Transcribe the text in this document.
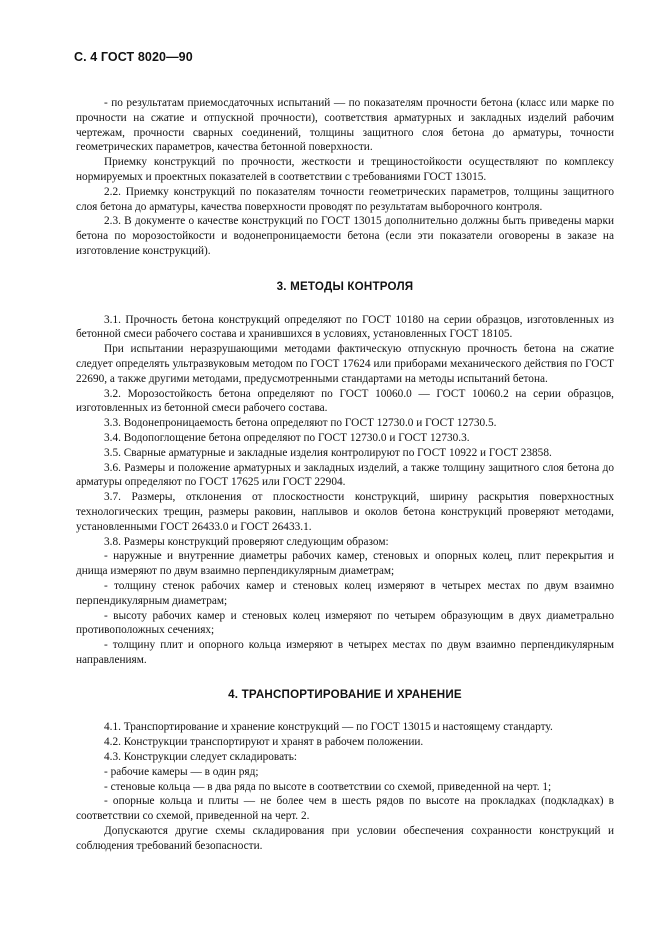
С. 4 ГОСТ 8020—90

- по результатам приемосдаточных испытаний — по показателям прочности бетона (класс или марке по прочности на сжатие и отпускной прочности), соответствия арматурных и закладных изделий рабочим чертежам, прочности сварных соединений, толщины защитного слоя бетона до арматуры, точности геометрических параметров, качества бетонной поверхности.

Приемку конструкций по прочности, жесткости и трещиностойкости осуществляют по комплексу нормируемых и проектных показателей в соответствии с требованиями ГОСТ 13015.

2.2. Приемку конструкций по показателям точности геометрических параметров, толщины защитного слоя бетона до арматуры, качества поверхности проводят по результатам выборочного контроля.

2.3. В документе о качестве конструкций по ГОСТ 13015 дополнительно должны быть приведены марки бетона по морозостойкости и водонепроницаемости бетона (если эти показатели оговорены в заказе на изготовление конструкций).

3. МЕТОДЫ КОНТРОЛЯ

3.1. Прочность бетона конструкций определяют по ГОСТ 10180 на серии образцов, изготовленных из бетонной смеси рабочего состава и хранившихся в условиях, установленных ГОСТ 18105.

При испытании неразрушающими методами фактическую отпускную прочность бетона на сжатие следует определять ультразвуковым методом по ГОСТ 17624 или приборами механического действия по ГОСТ 22690, а также другими методами, предусмотренными стандартами на методы испытаний бетона.

3.2. Морозостойкость бетона определяют по ГОСТ 10060.0 — ГОСТ 10060.2 на серии образцов, изготовленных из бетонной смеси рабочего состава.

3.3. Водонепроницаемость бетона определяют по ГОСТ 12730.0 и ГОСТ 12730.5.

3.4. Водопоглощение бетона определяют по ГОСТ 12730.0 и ГОСТ 12730.3.

3.5. Сварные арматурные и закладные изделия контролируют по ГОСТ 10922 и ГОСТ 23858.

3.6. Размеры и положение арматурных и закладных изделий, а также толщину защитного слоя бетона до арматуры определяют по ГОСТ 17625 или ГОСТ 22904.

3.7. Размеры, отклонения от плоскостности конструкций, ширину раскрытия поверхностных технологических трещин, размеры раковин, наплывов и околов бетона конструкций проверяют методами, установленными ГОСТ 26433.0 и ГОСТ 26433.1.

3.8. Размеры конструкций проверяют следующим образом:

- наружные и внутренние диаметры рабочих камер, стеновых и опорных колец, плит перекрытия и днища измеряют по двум взаимно перпендикулярным диаметрам;

- толщину стенок рабочих камер и стеновых колец измеряют в четырех местах по двум взаимно перпендикулярным диаметрам;

- высоту рабочих камер и стеновых колец измеряют по четырем образующим в двух диаметрально противоположных сечениях;

- толщину плит и опорного кольца измеряют в четырех местах по двум взаимно перпендикулярным направлениям.

4. ТРАНСПОРТИРОВАНИЕ И ХРАНЕНИЕ

4.1. Транспортирование и хранение конструкций — по ГОСТ 13015 и настоящему стандарту.

4.2. Конструкции транспортируют и хранят в рабочем положении.

4.3. Конструкции следует складировать:

- рабочие камеры — в один ряд;

- стеновые кольца — в два ряда по высоте в соответствии со схемой, приведенной на черт. 1;

- опорные кольца и плиты — не более чем в шесть рядов по высоте на прокладках (подкладках) в соответствии со схемой, приведенной на черт. 2.

Допускаются другие схемы складирования при условии обеспечения сохранности конструкций и соблюдения требований безопасности.
